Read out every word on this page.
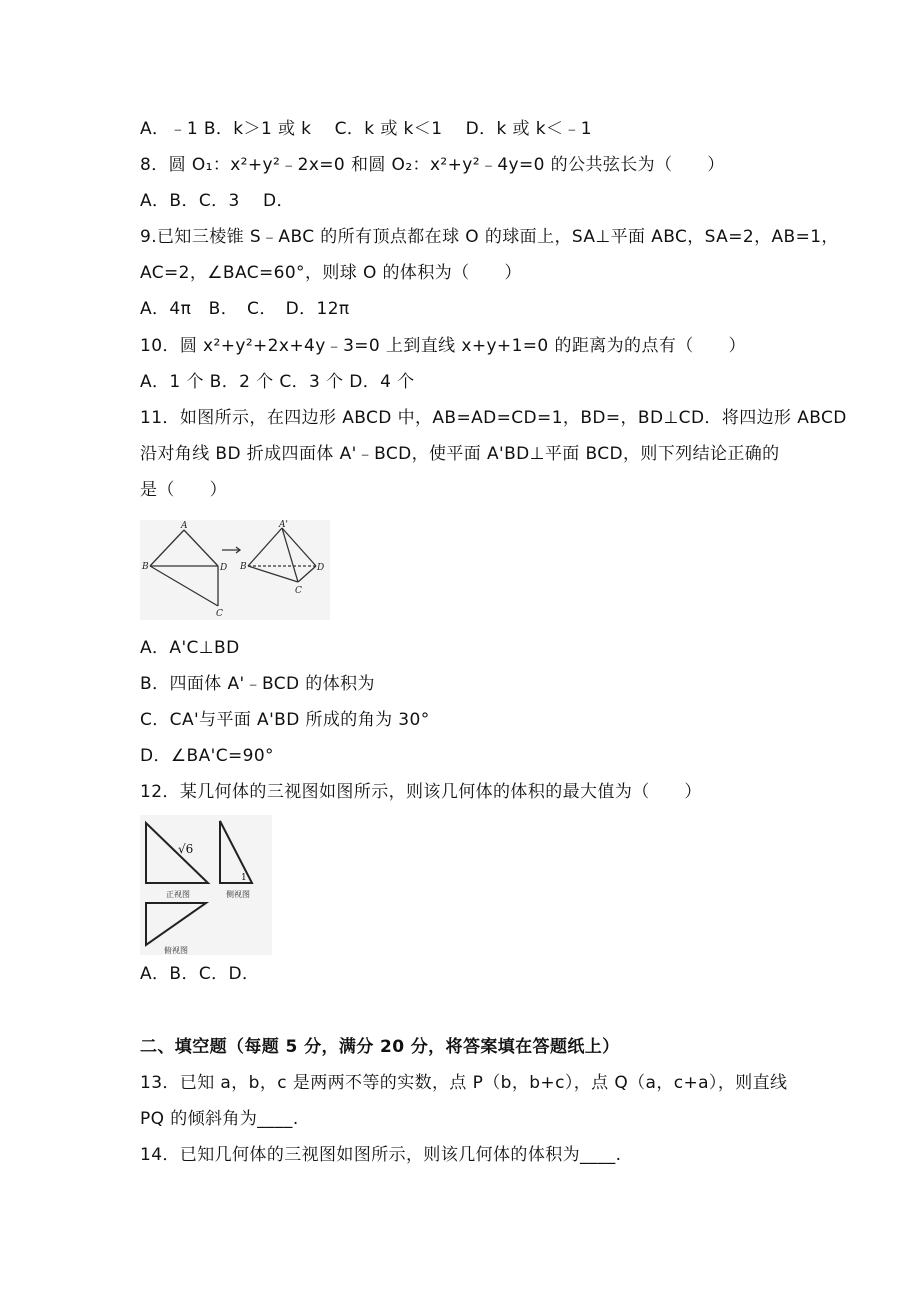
A．﹣1 B．k＞1 或 k　 C．k 或 k＜1　 D．k 或 k＜﹣1
8．圆 O₁：x²+y²﹣2x=0 和圆 O₂：x²+y²﹣4y=0 的公共弦长为（　　）
A．B．C．3　 D．
9.已知三棱锥 S﹣ABC 的所有顶点都在球 O 的球面上，SA⊥平面 ABC，SA=2，AB=1，
AC=2，∠BAC=60°，则球 O 的体积为（　　）
A．4π　B．　C．　D．12π
10．圆 x²+y²+2x+4y﹣3=0 上到直线 x+y+1=0 的距离为的点有（　　）
A．1 个 B．2 个 C．3 个 D．4 个
11．如图所示，在四边形 ABCD 中，AB=AD=CD=1，BD=，BD⊥CD．将四边形 ABCD
沿对角线 BD 折成四面体 A'﹣BCD，使平面 A'BD⊥平面 BCD，则下列结论正确的
是（　　）
A
B	D
C
A'
B	D
C
A．A'C⊥BD
B．四面体 A'﹣BCD 的体积为
C．CA'与平面 A'BD 所成的角为 30°
D．∠BA'C=90°
12．某几何体的三视图如图所示，则该几何体的体积的最大值为（　　）
√6
1
正视图	侧视图
俯视图
A．B．C．D．
二、填空题（每题 5 分，满分 20 分，将答案填在答题纸上）
13．已知 a，b，c 是两两不等的实数，点 P（b，b+c），点 Q（a，c+a），则直线
PQ 的倾斜角为____.
14．已知几何体的三视图如图所示，则该几何体的体积为____.
